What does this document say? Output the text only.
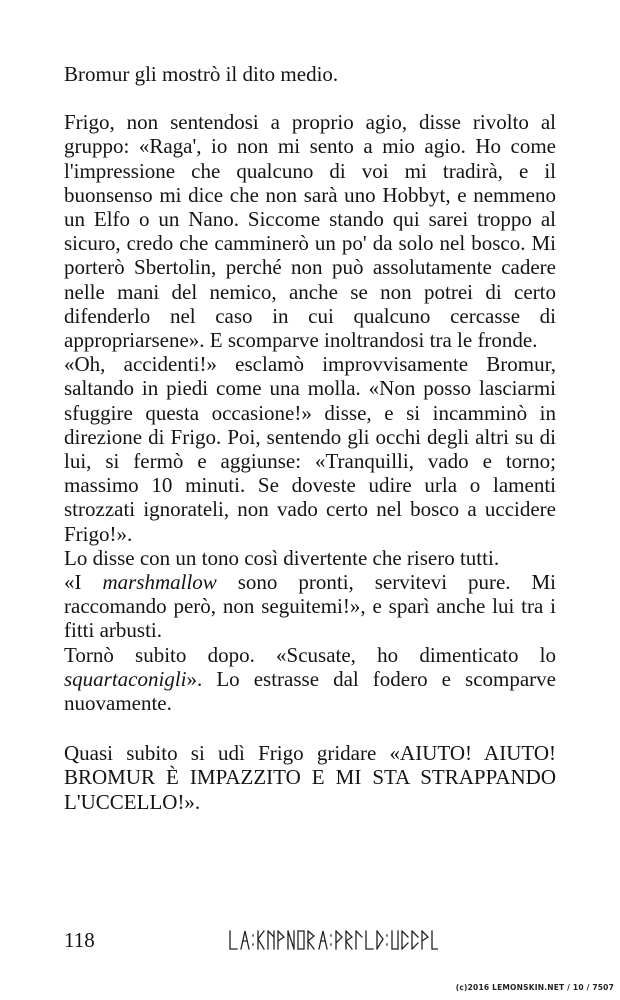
Bromur gli mostrò il dito medio.

Frigo, non sentendosi a proprio agio, disse rivolto al gruppo: «Raga', io non mi sento a mio agio. Ho come l'impressione che qualcuno di voi mi tradirà, e il buonsenso mi dice che non sarà uno Hobbyt, e nemmeno un Elfo o un Nano. Siccome stando qui sarei troppo al sicuro, credo che camminerò un po' da solo nel bosco. Mi porterò Sbertolin, perché non può assolutamente cadere nelle mani del nemico, anche se non potrei di certo difenderlo nel caso in cui qualcuno cercasse di appropriarsene». E scomparve inoltrandosi tra le fronde.

«Oh, accidenti!» esclamò improvvisamente Bromur, saltando in piedi come una molla. «Non posso lasciarmi sfuggire questa occasione!» disse, e si incamminò in direzione di Frigo. Poi, sentendo gli occhi degli altri su di lui, si fermò e aggiunse: «Tranquilli, vado e torno; massimo 10 minuti. Se doveste udire urla o lamenti strozzati ignorateli, non vado certo nel bosco a uccidere Frigo!».

Lo disse con un tono così divertente che risero tutti.

«I marshmallow sono pronti, servitevi pure. Mi raccomando però, non seguitemi!», e sparì anche lui tra i fitti arbusti.

Tornò subito dopo. «Scusate, ho dimenticato lo squartaconigli». Lo estrasse dal fodero e scomparve nuovamente.

Quasi subito si udì Frigo gridare «AIUTO! AIUTO! BROMUR È IMPAZZITO E MI STA STRAPPANDO L'UCCELLO!».

118
(c)2016 LEMONSKIN.NET / 10 / 7507
